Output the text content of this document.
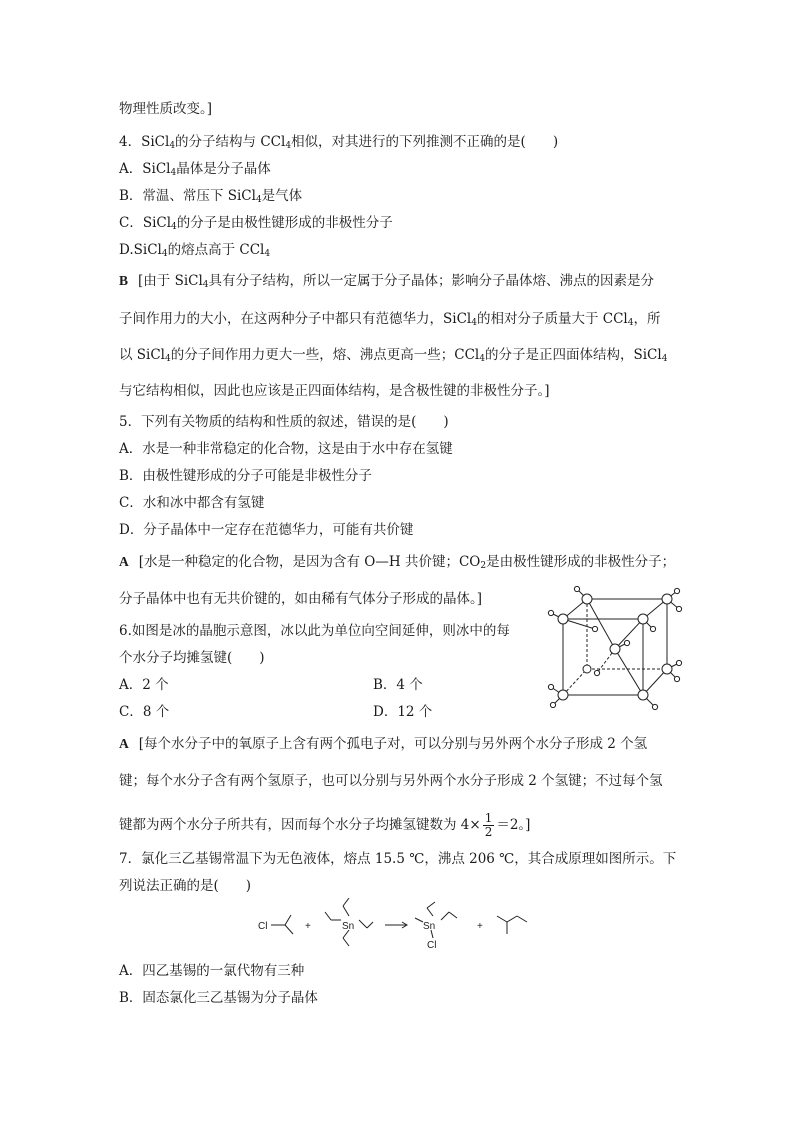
物理性质改变。]
4．SiCl$_4$的分子结构与 CCl$_4$相似，对其进行的下列推测不正确的是(　　)
A．SiCl$_4$晶体是分子晶体
B．常温、常压下 SiCl$_4$是气体
C．SiCl$_4$的分子是由极性键形成的非极性分子
D.SiCl$_4$的熔点高于 CCl$_4$
B [由于 SiCl$_4$具有分子结构，所以一定属于分子晶体；影响分子晶体熔、沸点的因素是分
子间作用力的大小，在这两种分子中都只有范德华力，SiCl$_4$的相对分子质量大于 CCl$_4$，所
以 SiCl$_4$的分子间作用力更大一些，熔、沸点更高一些；CCl$_4$的分子是正四面体结构，SiCl$_4$
与它结构相似，因此也应该是正四面体结构，是含极性键的非极性分子。]
5．下列有关物质的结构和性质的叙述，错误的是(　　)
A．水是一种非常稳定的化合物，这是由于水中存在氢键
B．由极性键形成的分子可能是非极性分子
C．水和冰中都含有氢键
D．分子晶体中一定存在范德华力，可能有共价键
A [水是一种稳定的化合物，是因为含有 O—H 共价键；$CO_2$是由极性键形成的非极性分子；
分子晶体中也有无共价键的，如由稀有气体分子形成的晶体。]
6.如图是冰的晶胞示意图，冰以此为单位向空间延伸，则冰中的每
个水分子均摊氢键(　　)
A．2 个	B．4 个
C．8 个	D．12 个
A [每个水分子中的氧原子上含有两个孤电子对，可以分别与另外两个水分子形成 2 个氢
键；每个水分子含有两个氢原子，也可以分别与另外两个水分子形成 2 个氢键；不过每个氢
键都为两个水分子所共有，因而每个水分子均摊氢键数为 $4\times \frac{1}{2} =2$。]
7．氯化三乙基锡常温下为无色液体，熔点 15.5 ℃，沸点 206 ℃，其合成原理如图所示。下
列说法正确的是(　　)
Cl	+	Sn	Sn
Cl
+
A．四乙基锡的一氯代物有三种
B．固态氯化三乙基锡为分子晶体
